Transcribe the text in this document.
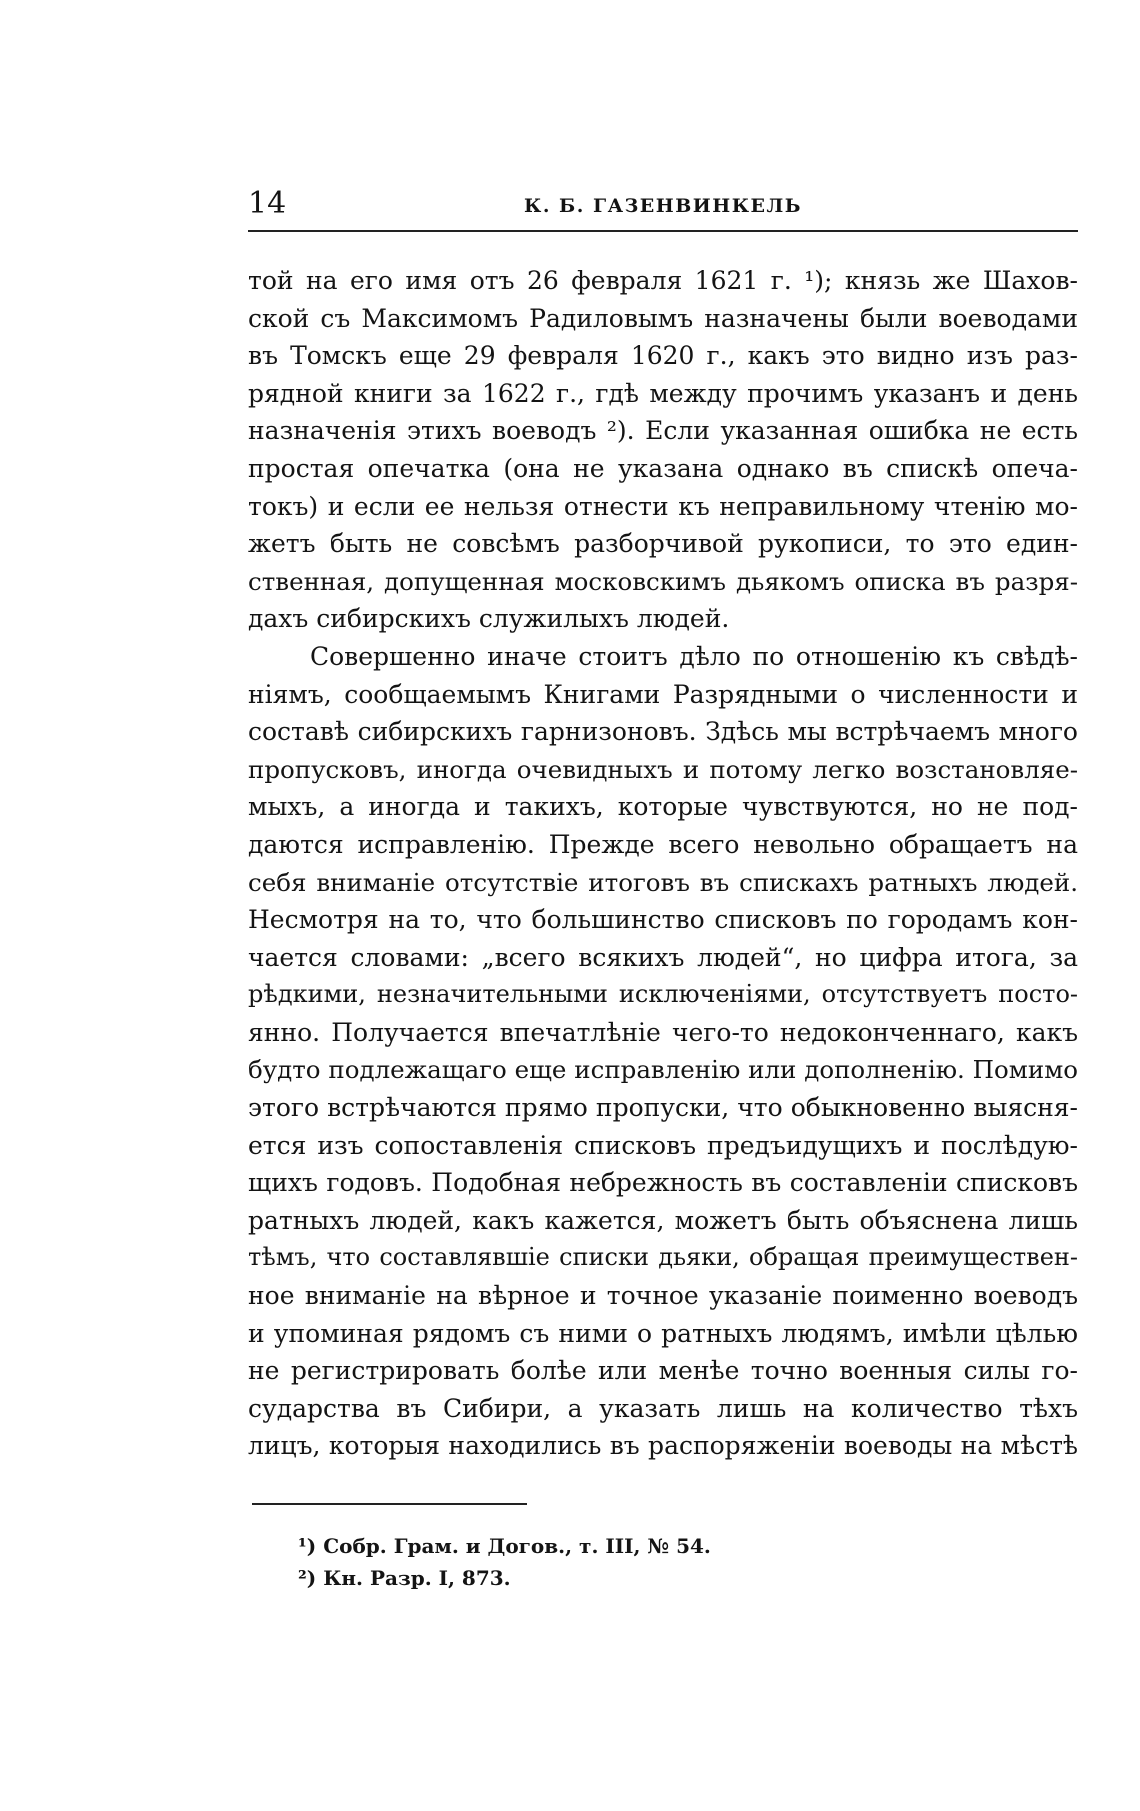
14	К. Б. ГАЗЕНВИНКЕЛЬ
той на его имя отъ 26 февраля 1621 г. ¹); князь же Шахов-
ской съ Максимомъ Радиловымъ назначены были воеводами
въ Томскъ еще 29 февраля 1620 г., какъ это видно изъ раз-
рядной книги за 1622 г., гдѣ между прочимъ указанъ и день
назначенія этихъ воеводъ ²). Если указанная ошибка не есть
простая опечатка (она не указана однако въ спискѣ опеча-
токъ) и если ее нельзя отнести къ неправильному чтенію мо-
жетъ быть не совсѣмъ разборчивой рукописи, то это един-
ственная, допущенная московскимъ дьякомъ описка въ разря-
дахъ сибирскихъ служилыхъ людей.
Совершенно иначе стоитъ дѣло по отношенію къ свѣдѣ-
ніямъ, сообщаемымъ Книгами Разрядными о численности и
составѣ сибирскихъ гарнизоновъ. Здѣсь мы встрѣчаемъ много
пропусковъ, иногда очевидныхъ и потому легко возстановляе-
мыхъ, а иногда и такихъ, которые чувствуются, но не под-
даются исправленію. Прежде всего невольно обращаетъ на
себя вниманіе отсутствіе итоговъ въ спискахъ ратныхъ людей.
Несмотря на то, что большинство списковъ по городамъ кон-
чается словами: „всего всякихъ людей“, но цифра итога, за
рѣдкими, незначительными исключеніями, отсутствуетъ посто-
янно. Получается впечатлѣніе чего-то недоконченнаго, какъ
будто подлежащаго еще исправленію или дополненію. Помимо
этого встрѣчаются прямо пропуски, что обыкновенно выясня-
ется изъ сопоставленія списковъ предъидущихъ и послѣдую-
щихъ годовъ. Подобная небрежность въ составленіи списковъ
ратныхъ людей, какъ кажется, можетъ быть объяснена лишь
тѣмъ, что составлявшіе списки дьяки, обращая преимуществен-
ное вниманіе на вѣрное и точное указаніе поименно воеводъ
и упоминая рядомъ съ ними о ратныхъ людямъ, имѣли цѣлью
не регистрировать болѣе или менѣе точно военныя силы го-
сударства въ Сибири, а указать лишь на количество тѣхъ
лицъ, которыя находились въ распоряженіи воеводы на мѣстѣ
¹) Собр. Грам. и Догов., т. III, № 54.
²) Кн. Разр. I, 873.
